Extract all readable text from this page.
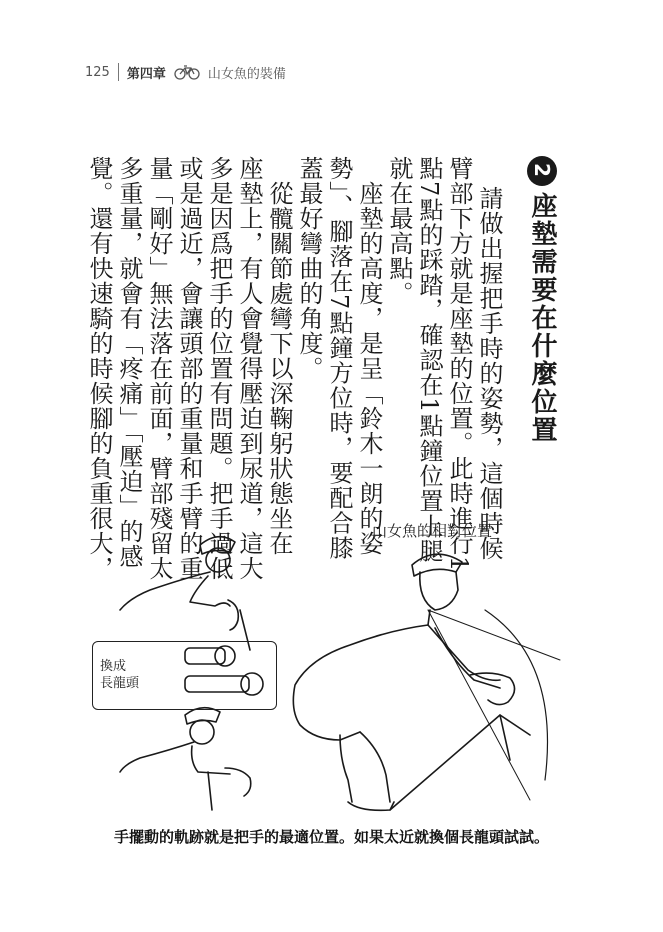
125 第四章	山女魚的裝備
2座墊需要在什麼位置
請做出握把手時的姿勢，這個時候
臂部下方就是座墊的位置。此時進行1
點7點的踩踏，確認在1點鐘位置上腿
就在最高點。
　座墊的高度，是呈「鈴木一朗的姿
勢」、腳落在7點鐘方位時，要配合膝
蓋最好彎曲的角度。
　從髖關節處彎下以深鞠躬狀態坐在
座墊上，有人會覺得壓迫到尿道，這大
多是因爲把手的位置有問題。把手過低
或是過近，會讓頭部的重量和手臂的重
量「剛好」無法落在前面，臂部殘留太
多重量，就會有「疼痛」「壓迫」的感
覺。還有快速騎的時候腳的負重很大，	山女魚的相對位置
換成
長龍頭
手擺動的軌跡就是把手的最適位置。如果太近就換個長龍頭試試。
